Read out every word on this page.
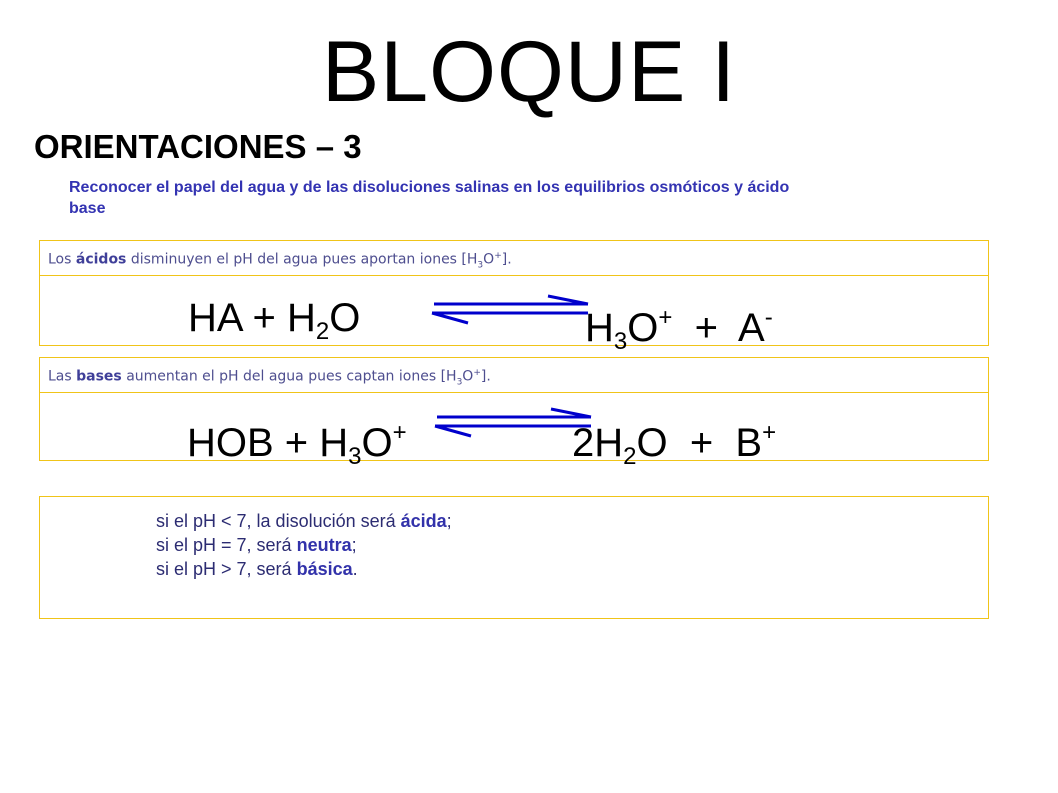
BLOQUE I
ORIENTACIONES – 3
Reconocer el papel del agua y de las disoluciones salinas en los equilibrios osmóticos y ácido base
Los ácidos disminuyen el pH del agua pues aportan iones $[H_3O^+]$.
HA + $H_2O$	$H_3O^+ + A^-$
Las bases aumentan el pH del agua pues captan iones $[H_3O^+]$.
HOB + $H_3O^+$	$2H_2O + B^+$
si el pH < 7, la disolución será ácida;
si el pH = 7, será neutra;
si el pH > 7, será básica.
